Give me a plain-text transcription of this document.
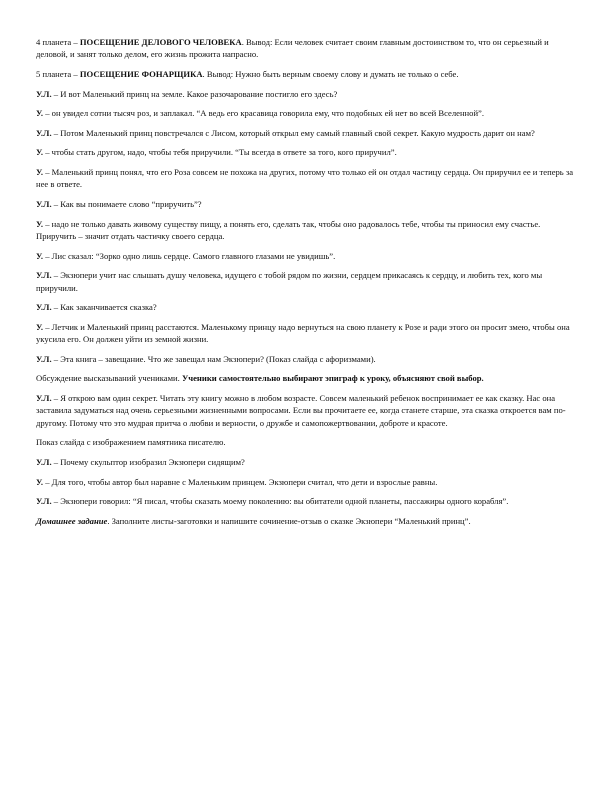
4 планета – ПОСЕЩЕНИЕ ДЕЛОВОГО ЧЕЛОВЕКА. Вывод: Если человек считает своим главным достоинством то, что он серьезный и деловой, и занят только делом, его жизнь прожита напрасно.

5 планета – ПОСЕЩЕНИЕ ФОНАРЩИКА. Вывод: Нужно быть верным своему слову и думать не только о себе.

У.Л. – И вот Маленький принц на земле. Какое разочарование постигло его здесь?

У. – он увидел сотни тысяч роз, и заплакал. “А ведь его красавица говорила ему, что подобных ей нет во всей Вселенной”.

У.Л. – Потом Маленький принц повстречался с Лисом, который открыл ему самый главный свой секрет. Какую мудрость дарит он нам?

У. – чтобы стать другом, надо, чтобы тебя приручили. “Ты всегда в ответе за того, кого приручил”.

У. – Маленький принц понял, что его Роза совсем не похожа на других, потому что только ей он отдал частицу сердца. Он приручил ее и теперь за нее в ответе.

У.Л. – Как вы понимаете слово “приручить”?

У. – надо не только давать живому существу пищу, а понять его, сделать так, чтобы оно радовалось тебе, чтобы ты приносил ему счастье. Приручить – значит отдать частичку своего сердца.

У. – Лис сказал: “Зорко одно лишь сердце. Самого главного глазами не увидишь”.

У.Л. – Экзюпери учит нас слышать душу человека, идущего с тобой рядом по жизни, сердцем прикасаясь к сердцу, и любить тех, кого мы приручили.

У.Л. – Как заканчивается сказка?

У. – Летчик и Маленький принц расстаются. Маленькому принцу надо вернуться на свою планету к Розе и ради этого он просит змею, чтобы она укусила его. Он должен уйти из земной жизни.

У.Л. – Эта книга – завещание. Что же завещал нам Экзюпери? (Показ слайда с афоризмами).

Обсуждение высказываний учениками. Ученики самостоятельно выбирают эпиграф к уроку, объясняют свой выбор.

У.Л. – Я открою вам один секрет. Читать эту книгу можно в любом возрасте. Совсем маленький ребенок воспринимает ее как сказку. Нас она заставила задуматься над очень серьезными жизненными вопросами. Если вы прочитаете ее, когда станете старше, эта сказка откроется вам по-другому. Потому что это мудрая притча о любви и верности, о дружбе и самопожертвовании, доброте и красоте.

Показ слайда с изображением памятника писателю.

У.Л. – Почему скульптор изобразил Экзюпери сидящим?

У. – Для того, чтобы автор был наравне с Маленьким принцем. Экзюпери считал, что дети и взрослые равны.

У.Л. – Экзюпери говорил: “Я писал, чтобы сказать моему поколению: вы обитатели одной планеты, пассажиры одного корабля”.

Домашнее задание. Заполните листы-заготовки и напишите сочинение-отзыв о сказке Экзюпери “Маленький принц”.
